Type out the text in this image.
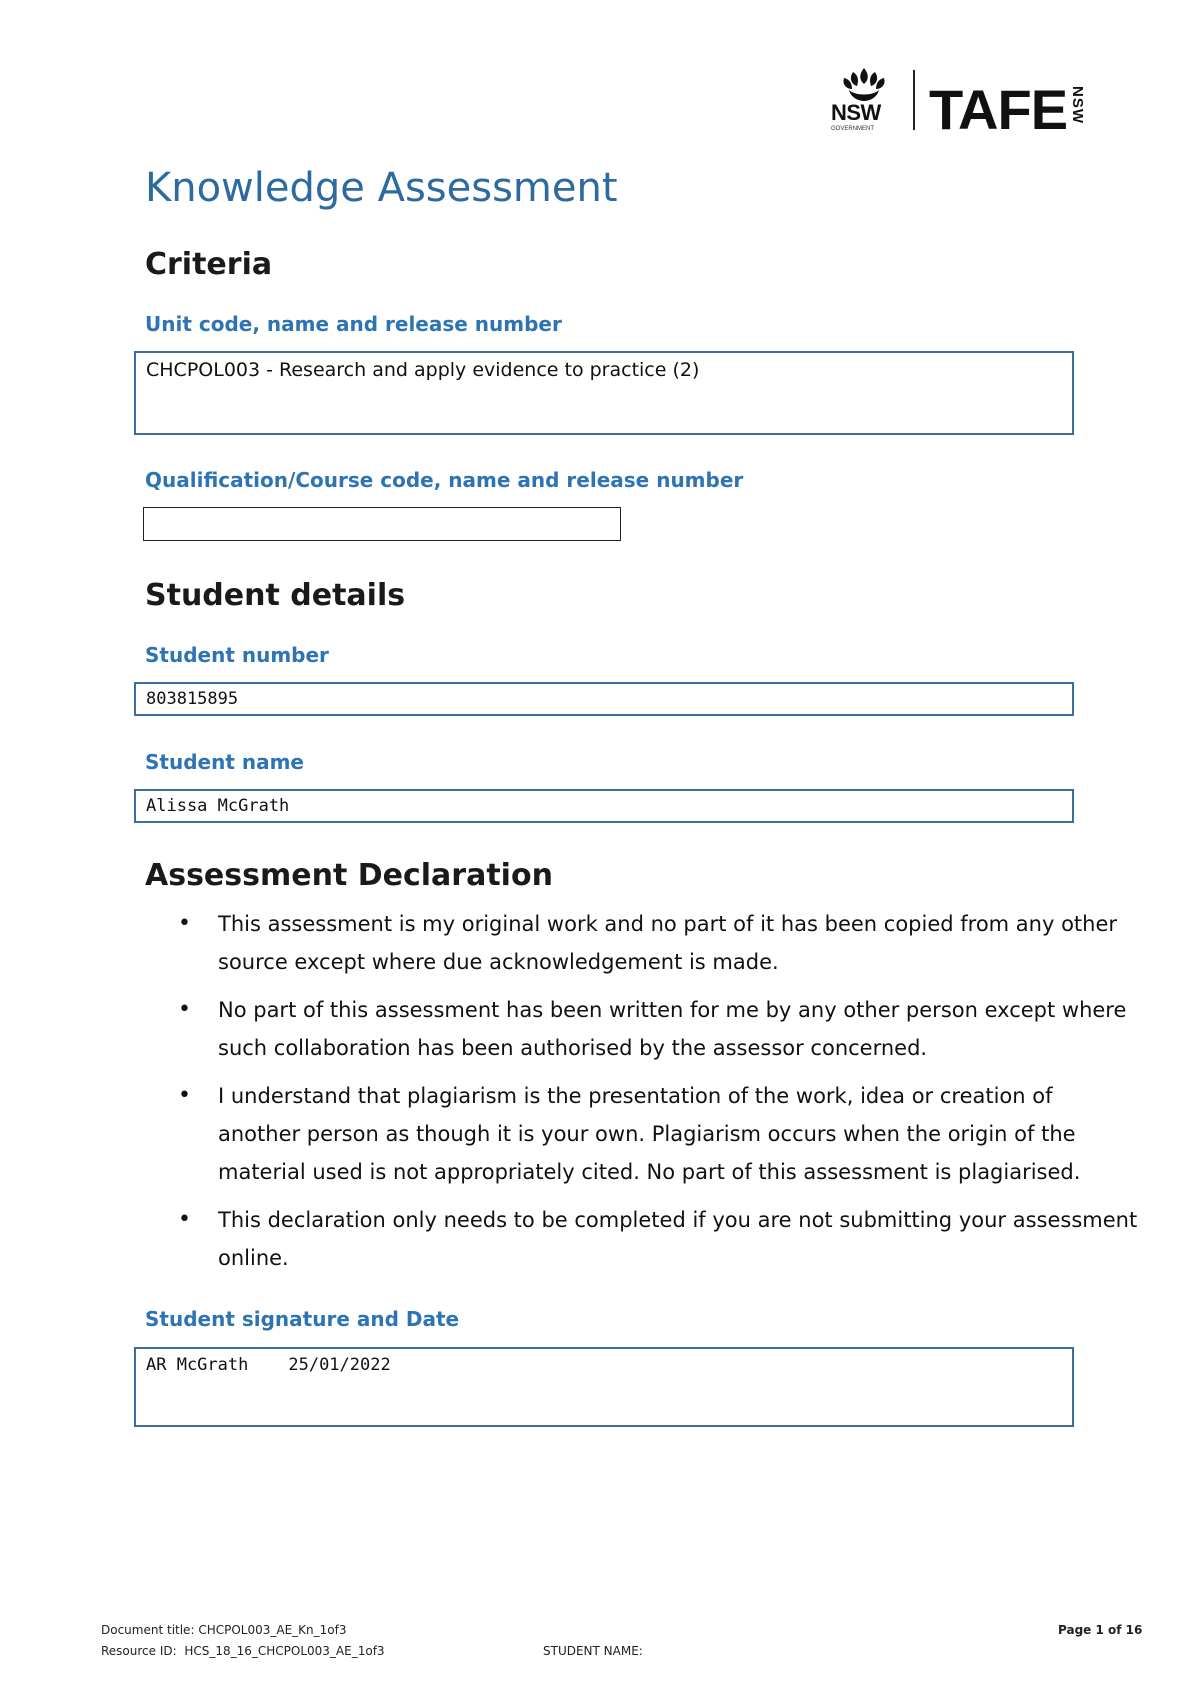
NSW
GOVERNMENT TAFE NSW
Knowledge Assessment
Criteria
Unit code, name and release number
CHCPOL003 - Research and apply evidence to practice (2)
Qualification/Course code, name and release number
Student details
Student number
803815895
Student name
Alissa McGrath
Assessment Declaration
• This assessment is my original work and no part of it has been copied from any other source except where due acknowledgement is made.
• No part of this assessment has been written for me by any other person except where such collaboration has been authorised by the assessor concerned.
• I understand that plagiarism is the presentation of the work, idea or creation of another person as though it is your own. Plagiarism occurs when the origin of the material used is not appropriately cited. No part of this assessment is plagiarised.
• This declaration only needs to be completed if you are not submitting your assessment online.
Student signature and Date
AR McGrath 25/01/2022
Document title: CHCPOL003_AE_Kn_1of3
Resource ID: HCS_18_16_CHCPOL003_AE_1of3	STUDENT NAME:
Page 1 of 16
